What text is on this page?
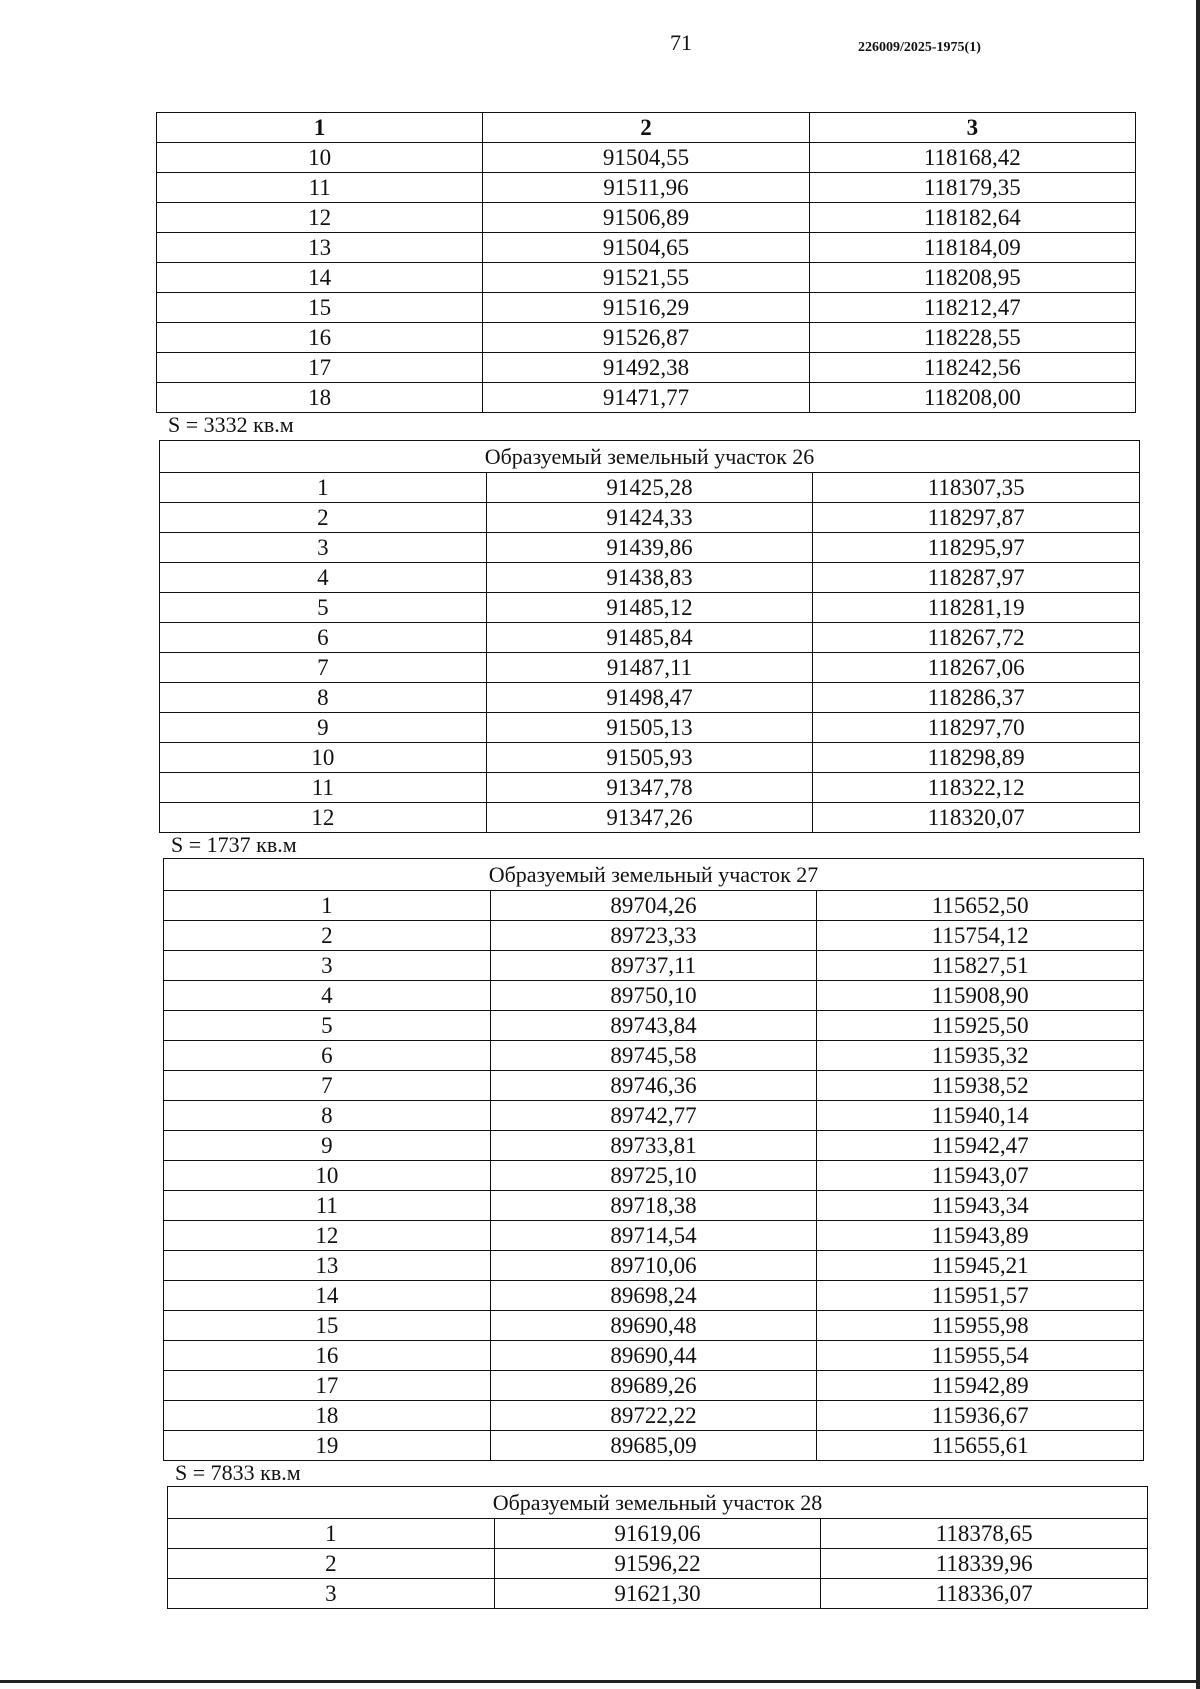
71	226009/2025-1975(1)
1	2	3
10	91504,55	118168,42
11	91511,96	118179,35
12	91506,89	118182,64
13	91504,65	118184,09
14	91521,55	118208,95
15	91516,29	118212,47
16	91526,87	118228,55
17	91492,38	118242,56
18	91471,77	118208,00
S = 3332 кв.м
Образуемый земельный участок 26		
1	91425,28	118307,35
2	91424,33	118297,87
3	91439,86	118295,97
4	91438,83	118287,97
5	91485,12	118281,19
6	91485,84	118267,72
7	91487,11	118267,06
8	91498,47	118286,37
9	91505,13	118297,70
10	91505,93	118298,89
11	91347,78	118322,12
12	91347,26	118320,07
S = 1737 кв.м
Образуемый земельный участок 27		
1	89704,26	115652,50
2	89723,33	115754,12
3	89737,11	115827,51
4	89750,10	115908,90
5	89743,84	115925,50
6	89745,58	115935,32
7	89746,36	115938,52
8	89742,77	115940,14
9	89733,81	115942,47
10	89725,10	115943,07
11	89718,38	115943,34
12	89714,54	115943,89
13	89710,06	115945,21
14	89698,24	115951,57
15	89690,48	115955,98
16	89690,44	115955,54
17	89689,26	115942,89
18	89722,22	115936,67
19	89685,09	115655,61
S = 7833 кв.м
Образуемый земельный участок 28		
1	91619,06	118378,65
2	91596,22	118339,96
3	91621,30	118336,07
